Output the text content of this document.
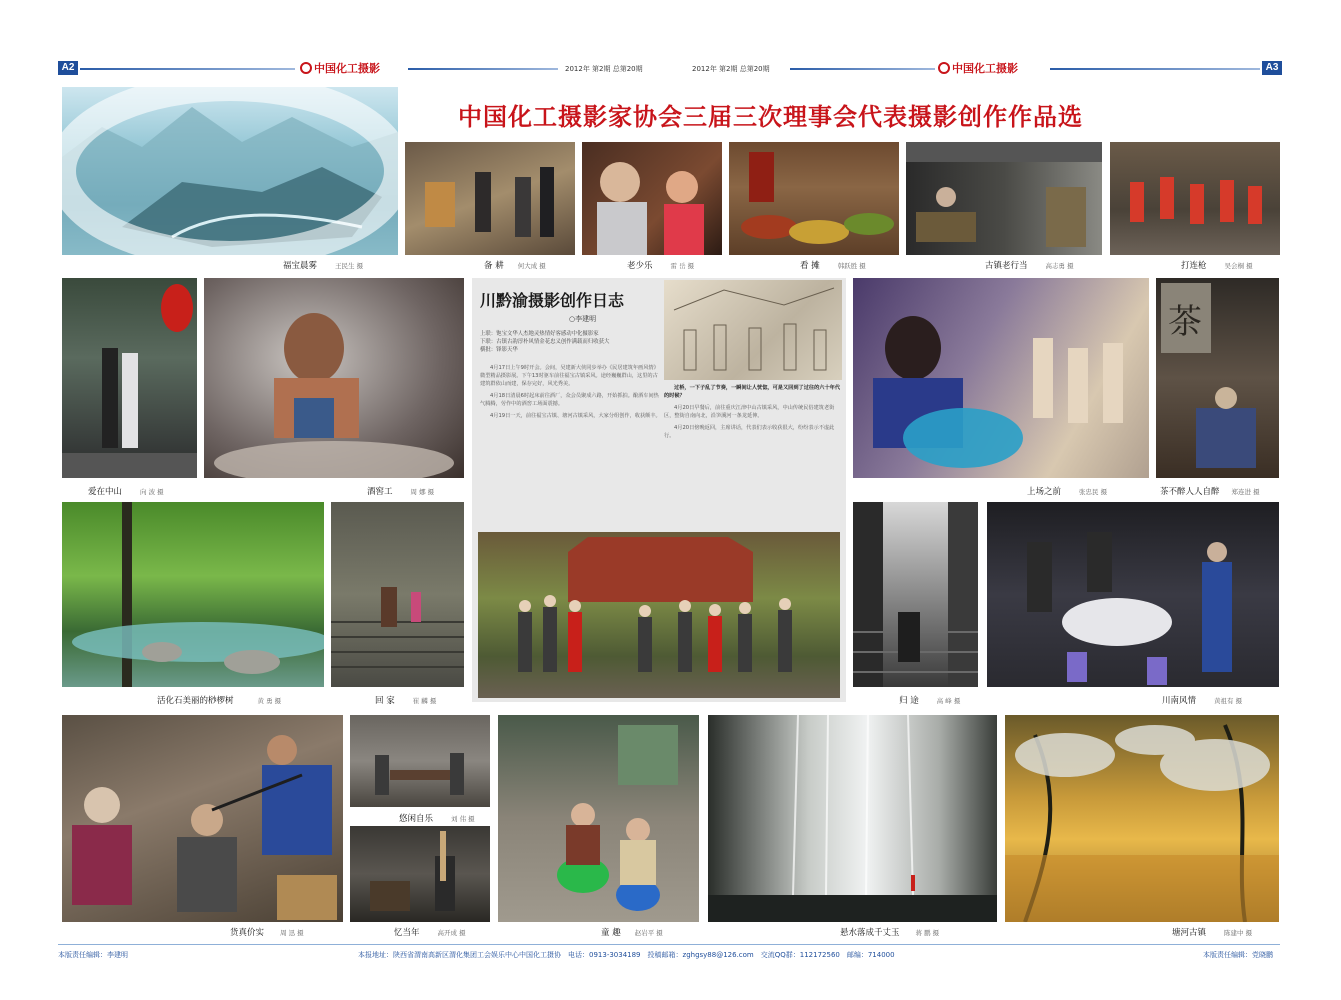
A2	中国化工摄影	2012年 第2期 总第20期	2012年 第2期 总第20期	中国化工摄影	A3
中国化工摄影家协会三届三次理事会代表摄影创作作品选
福宝晨雾	王民生 摄	备 耕 何大成 摄	老少乐	雷 岳 摄	看 摊	韩跃胜 摄	古镇老行当	高志勇 摄	打连枪	吴会桐 摄
爱在中山	向 波 摄	酒窖工	周 娜 摄
川黔渝摄影创作日志
○李建明
上联：饱宝文华人杰地灵热情好客感动中化摄影家
下联：古镇古韵淳朴风情金花忠义创作满载而归收获大
横批：锋影天华

4月17日上午9时开会。会间，吴建新大侠同步举办《民居建筑年画风情》微型精品摄影展。下午13时驱车前往福宝古镇采风。途经巍巍群山，这里的古建筑群依山而建，保存完好，风光秀美。

4月18日清晨6时起床前往酒厂，众会员聚成六路，开始抓拍。酿酒车间热气腾腾，劳作中的酒窖工场面震撼。

4月19日一天，前往福宝古镇、塘河古镇采风，大家分组创作，收获颇丰。

过桥，一下子乱了节奏，一瞬间让人恍惚，可是又回到了过往的六十年代的时候？

4月20日早餐后，前往重庆江津中山古镇采风，中山传统民俗建筑老街区，整街自南向北，沿笋溪河一条龙延伸。

4月20日傍晚返回，主席讲话，代表们表示收获很大，纷纷表示不虚此行。

上场之前	张忠民 摄
茶
茶不醉人人自醉 郑连进 摄
活化石美丽的桫椤树	黄 勇 摄	回 家	崔 麟 摄	归 途	高 峰 摄	川南风情	黄祖有 摄
货真价实 周 迅 摄
悠闲自乐	刘 伟 摄
忆当年	高开成 摄	童 趣 赵岩平 摄	悬水落成千丈玉 蒋 鹏 摄	塘河古镇	陈建中 摄
本版责任编辑：李建明	本报地址：陕西省渭南高新区渭化集团工会娱乐中心中国化工摄协　电话：0913-3034189　投稿邮箱：zghgsy88@126.com　交流QQ群：112172560　邮编：714000	本版责任编辑：党晓鹏
